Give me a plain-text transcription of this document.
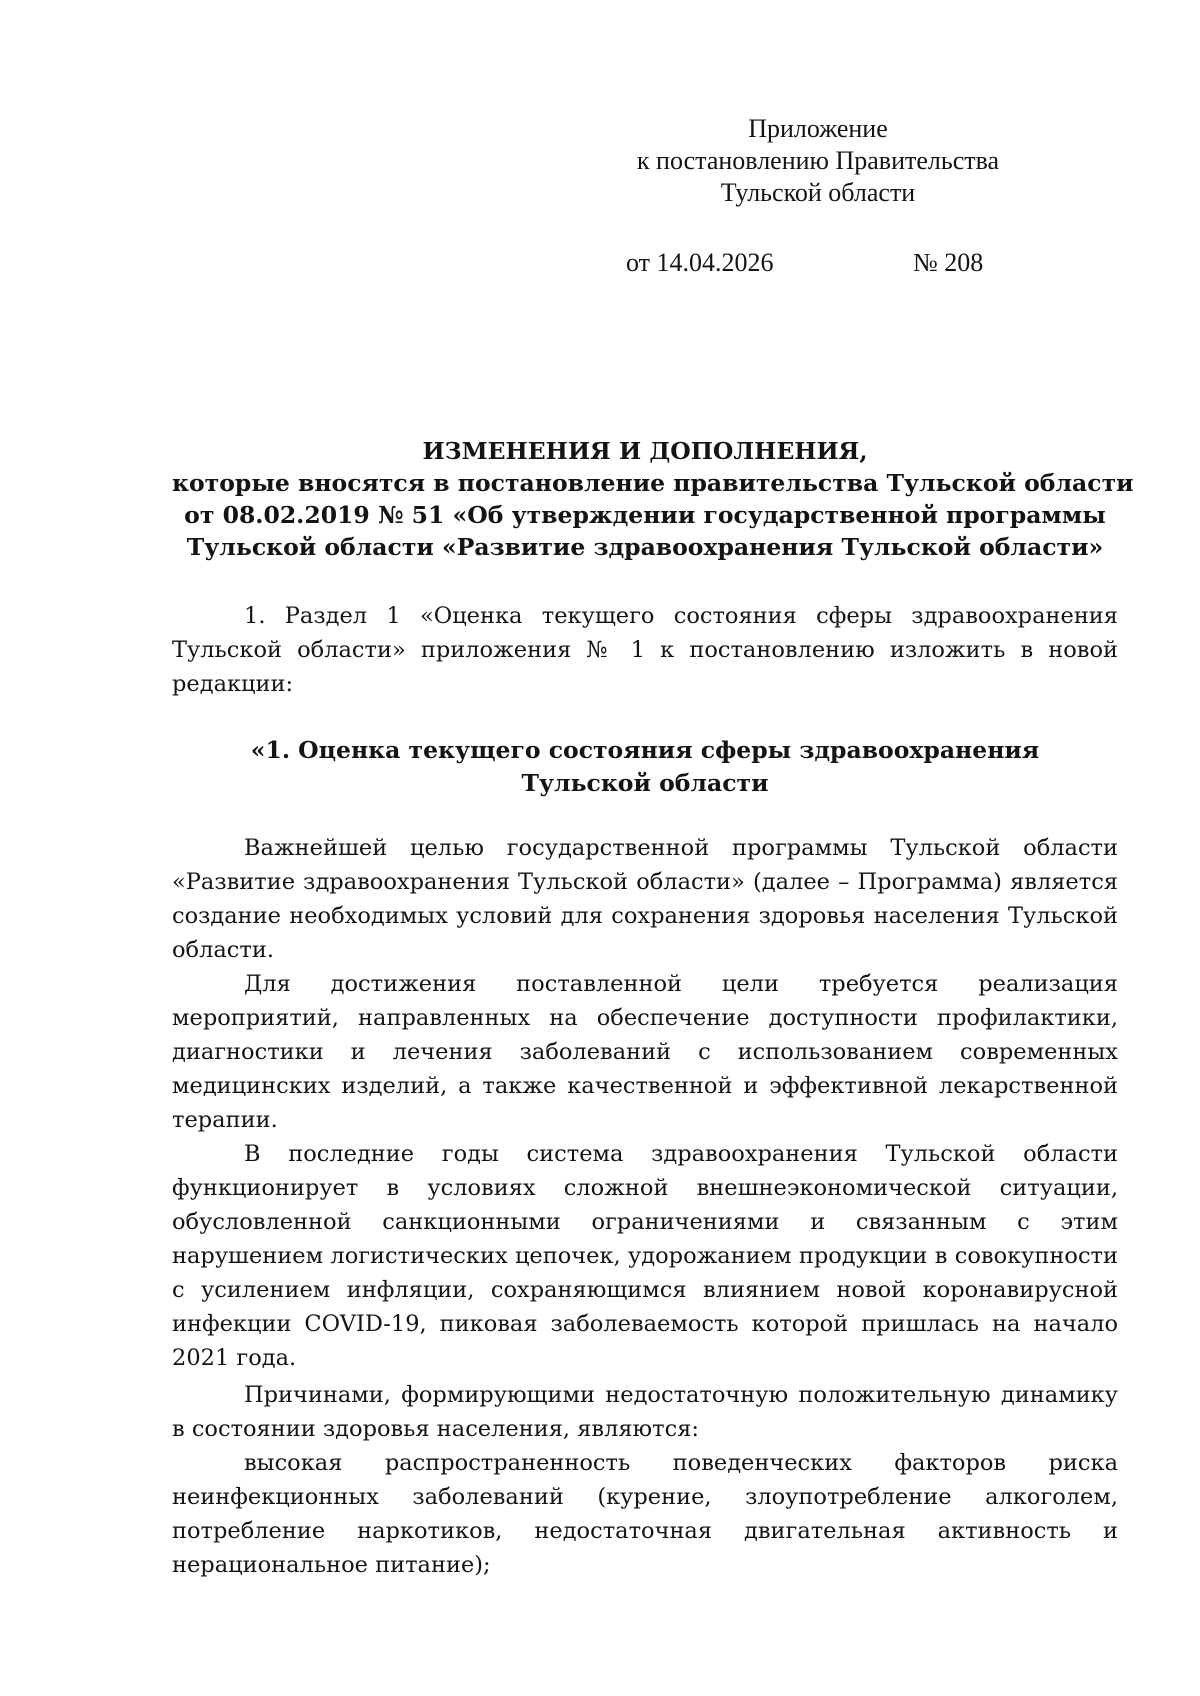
Приложение
к постановлению Правительства
Тульской области
от 14.04.2026	№ 208
ИЗМЕНЕНИЯ И ДОПОЛНЕНИЯ,
которые вносятся в постановление правительства Тульской области
от 08.02.2019 № 51 «Об утверждении государственной программы
Тульской области «Развитие здравоохранения Тульской области»

1. Раздел 1 «Оценка текущего состояния сферы здравоохранения Тульской области» приложения № 1 к постановлению изложить в новой редакции:

«1. Оценка текущего состояния сферы здравоохранения
Тульской области

Важнейшей целью государственной программы Тульской области «Развитие здравоохранения Тульской области» (далее – Программа) является создание необходимых условий для сохранения здоровья населения Тульской области.

Для достижения поставленной цели требуется реализация мероприятий, направленных на обеспечение доступности профилактики, диагностики и лечения заболеваний с использованием современных медицинских изделий, а также качественной и эффективной лекарственной терапии.

В последние годы система здравоохранения Тульской области функционирует в условиях сложной внешнеэкономической ситуации, обусловленной санкционными ограничениями и связанным с этим нарушением логистических цепочек, удорожанием продукции в совокупности с усилением инфляции, сохраняющимся влиянием новой коронавирусной инфекции COVID-19, пиковая заболеваемость которой пришлась на начало 2021 года.

Причинами, формирующими недостаточную положительную динамику в состоянии здоровья населения, являются:

высокая распространенность поведенческих факторов риска неинфекционных заболеваний (курение, злоупотребление алкоголем, потребление наркотиков, недостаточная двигательная активность и нерациональное питание);
